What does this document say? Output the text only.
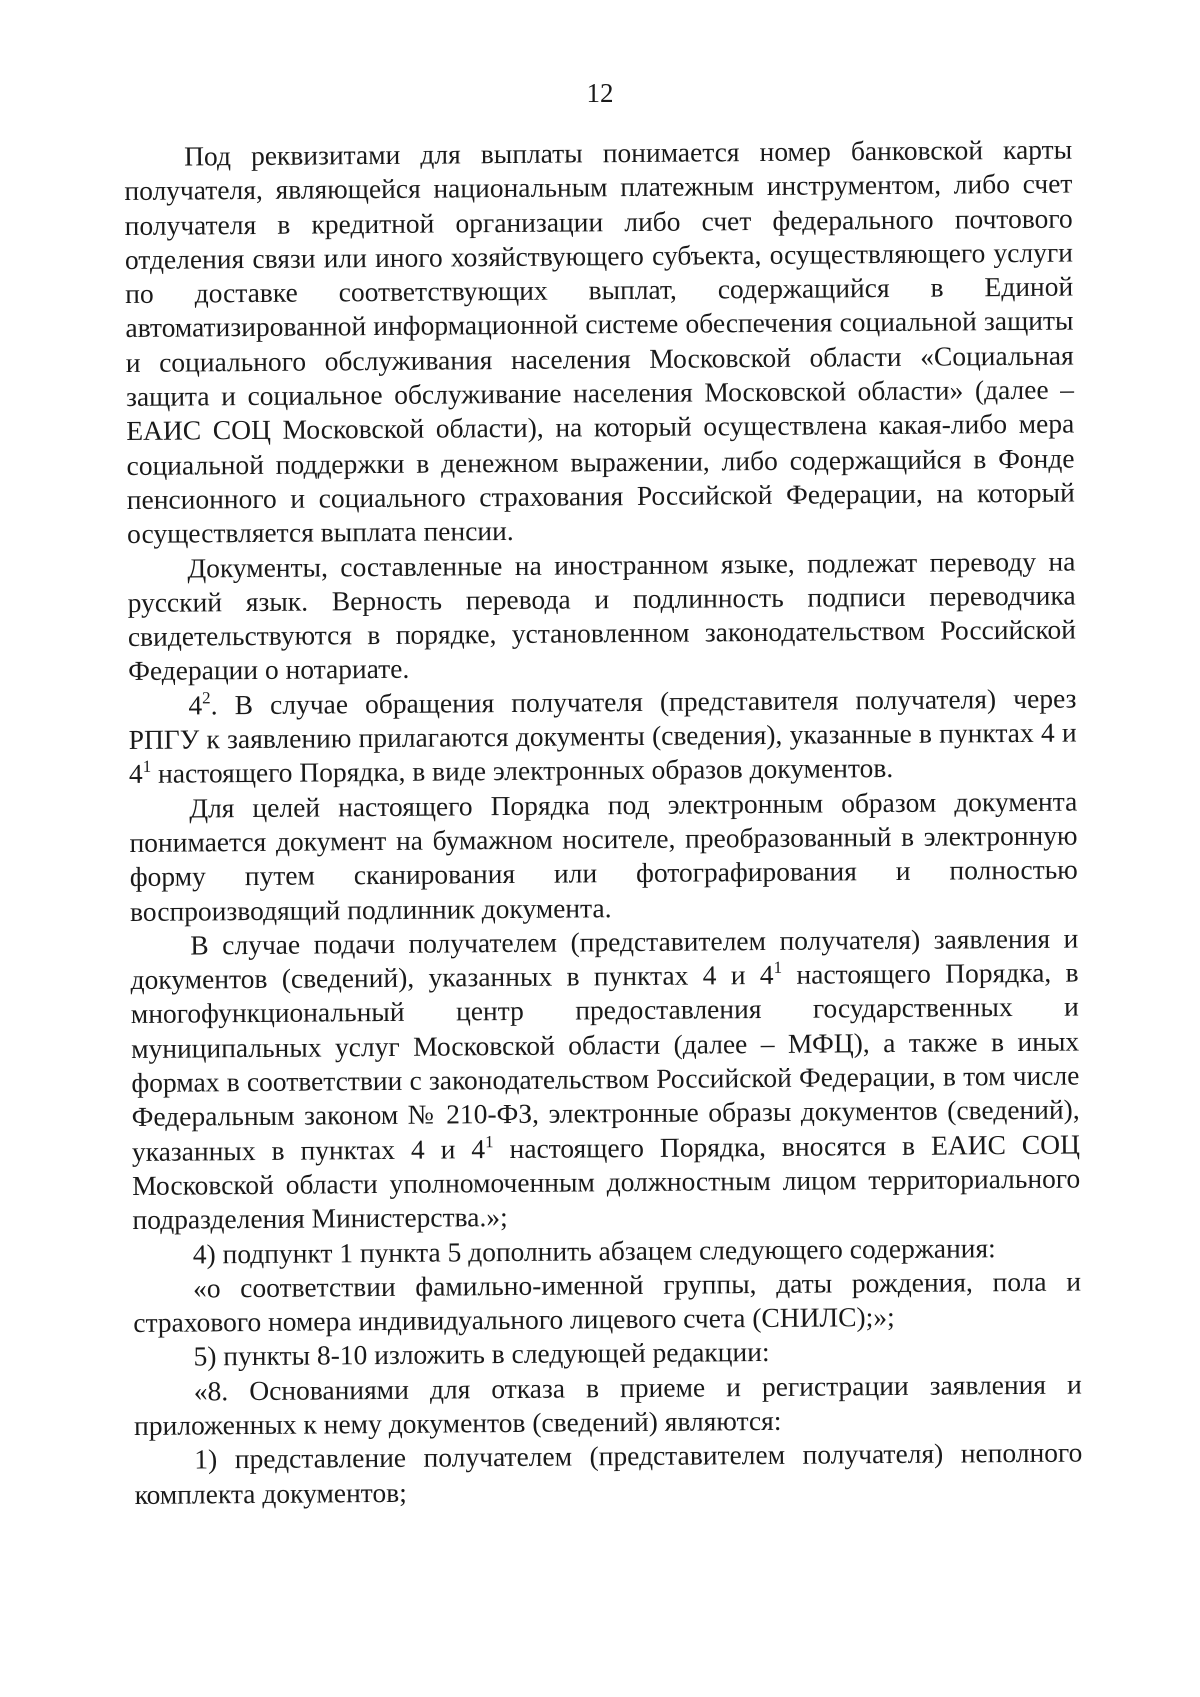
12

Под реквизитами для выплаты понимается номер банковской карты получателя, являющейся национальным платежным инструментом, либо счет получателя в кредитной организации либо счет федерального почтового отделения связи или иного хозяйствующего субъекта, осуществляющего услуги по доставке соответствующих выплат, содержащийся в Единой автоматизированной информационной системе обеспечения социальной защиты и социального обслуживания населения Московской области «Социальная защита и социальное обслуживание населения Московской области» (далее – ЕАИС СОЦ Московской области), на который осуществлена какая-либо мера социальной поддержки в денежном выражении, либо содержащийся в Фонде пенсионного и социального страхования Российской Федерации, на который осуществляется выплата пенсии.

Документы, составленные на иностранном языке, подлежат переводу на русский язык. Верность перевода и подлинность подписи переводчика свидетельствуются в порядке, установленном законодательством Российской Федерации о нотариате.

$4^2$. В случае обращения получателя (представителя получателя) через РПГУ к заявлению прилагаются документы (сведения), указанные в пунктах 4 и $4^1$ настоящего Порядка, в виде электронных образов документов.

Для целей настоящего Порядка под электронным образом документа понимается документ на бумажном носителе, преобразованный в электронную форму путем сканирования или фотографирования и полностью воспроизводящий подлинник документа.

В случае подачи получателем (представителем получателя) заявления и документов (сведений), указанных в пунктах 4 и $4^1$ настоящего Порядка, в многофункциональный центр предоставления государственных и муниципальных услуг Московской области (далее – МФЦ), а также в иных формах в соответствии с законодательством Российской Федерации, в том числе Федеральным законом № 210-ФЗ, электронные образы документов (сведений), указанных в пунктах 4 и $4^1$ настоящего Порядка, вносятся в ЕАИС СОЦ Московской области уполномоченным должностным лицом территориального подразделения Министерства.»;

4) подпункт 1 пункта 5 дополнить абзацем следующего содержания:

«о соответствии фамильно-именной группы, даты рождения, пола и страхового номера индивидуального лицевого счета (СНИЛС);»;

5) пункты 8-10 изложить в следующей редакции:

«8. Основаниями для отказа в приеме и регистрации заявления и приложенных к нему документов (сведений) являются:

1) представление получателем (представителем получателя) неполного комплекта документов;
